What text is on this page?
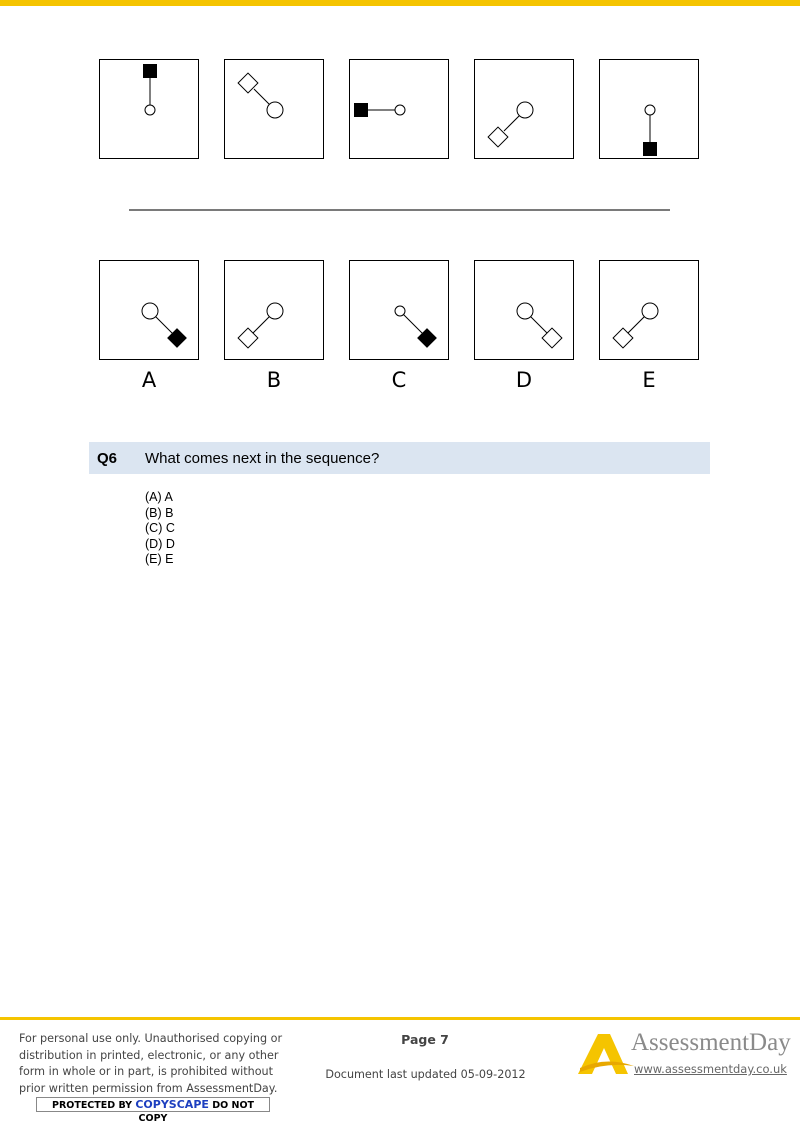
A	B	C	D	E
Q6 What comes next in the sequence?
(A) A
(B) B
(C) C
(D) D
(E) E
For personal use only. Unauthorised copying or distribution in printed, electronic, or any other form in whole or in part, is prohibited without prior written permission from AssessmentDay.
PROTECTED BY COPYSCAPE DO NOT COPY
Page 7
Document last updated 05-09-2012
AssessmentDay
www.assessmentday.co.uk
